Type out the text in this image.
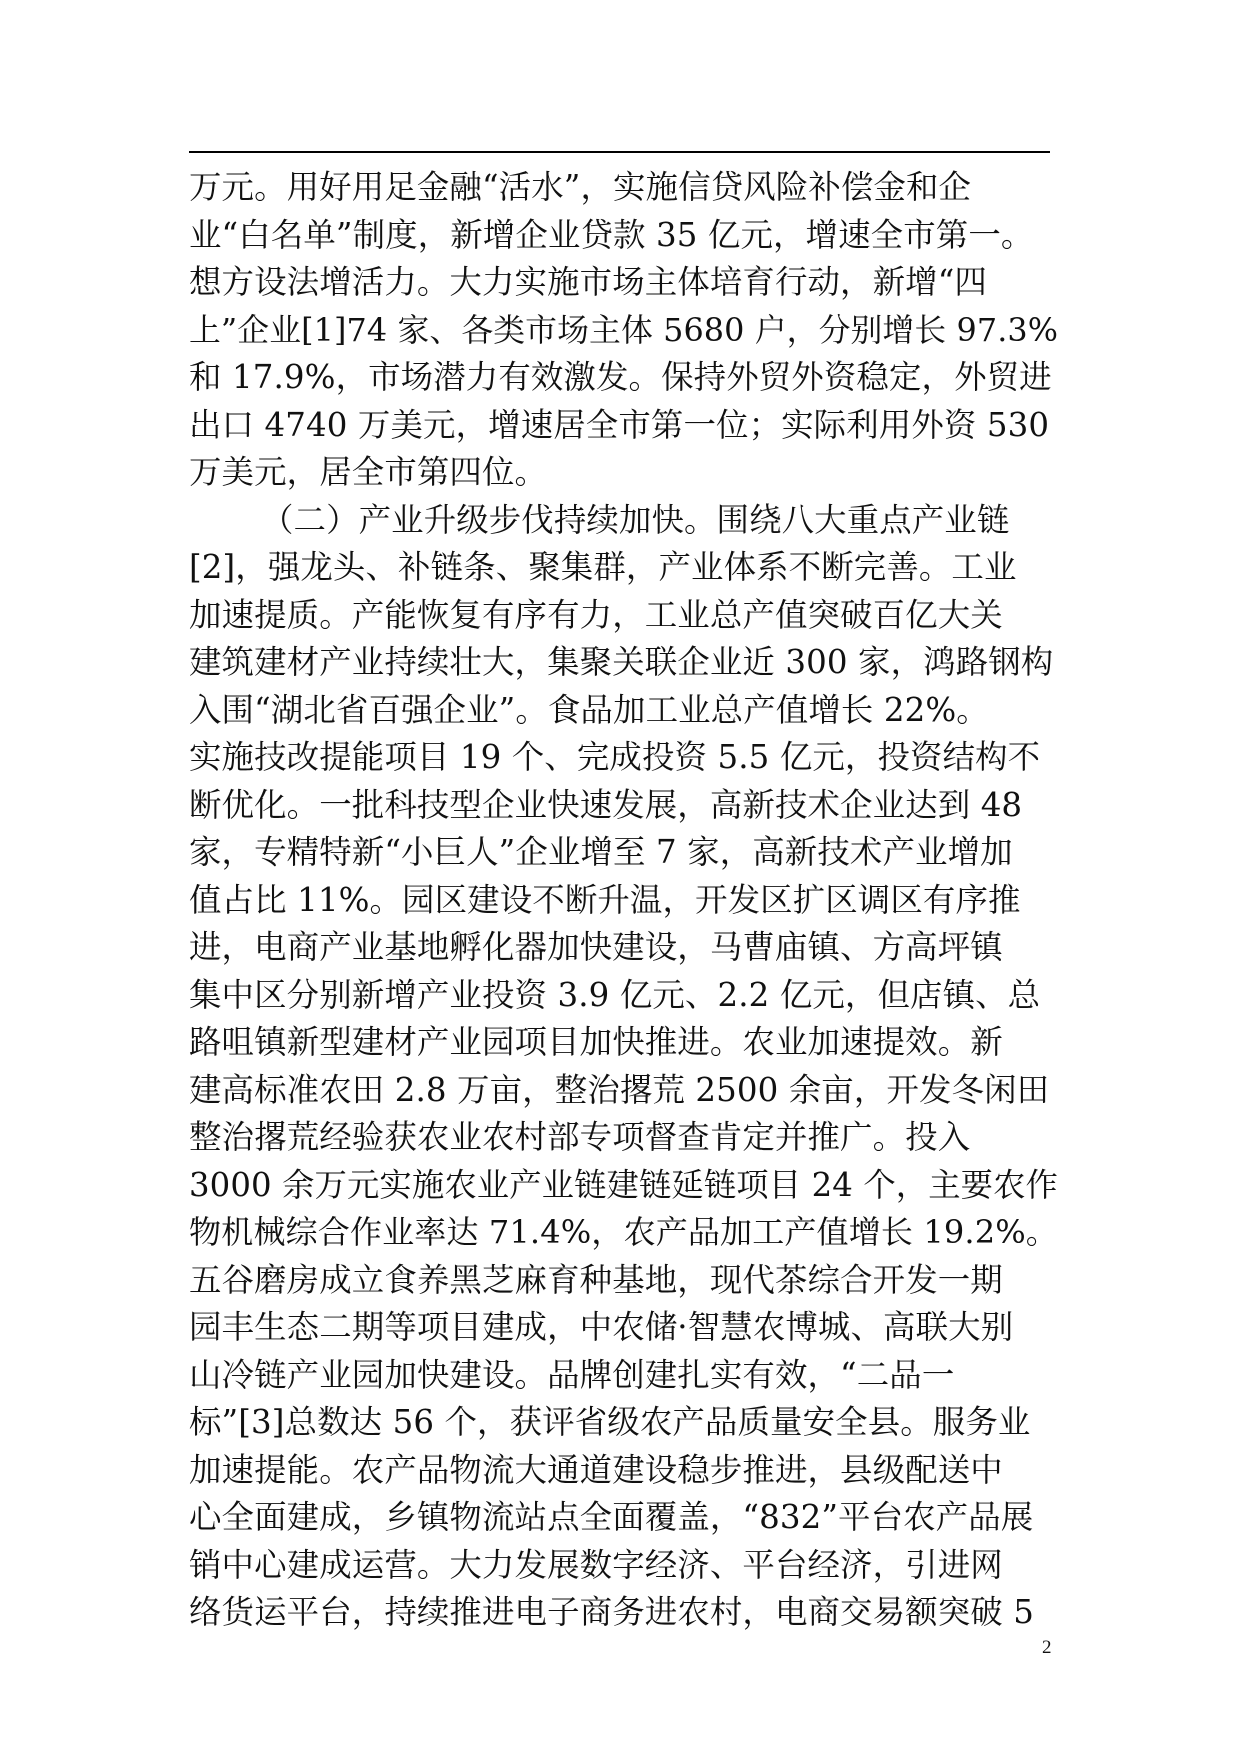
万元。用好用足金融“活水”，实施信贷风险补偿金和企
业“白名单”制度，新增企业贷款 35 亿元，增速全市第一。
想方设法增活力。大力实施市场主体培育行动，新增“四
上”企业[1]74 家、各类市场主体 5680 户，分别增长 97.3%
和 17.9%，市场潜力有效激发。保持外贸外资稳定，外贸进
出口 4740 万美元，增速居全市第一位；实际利用外资 530
万美元，居全市第四位。
（二）产业升级步伐持续加快。围绕八大重点产业链
[2]，强龙头、补链条、聚集群，产业体系不断完善。工业
加速提质。产能恢复有序有力，工业总产值突破百亿大关
建筑建材产业持续壮大，集聚关联企业近 300 家，鸿路钢构
入围“湖北省百强企业”。食品加工业总产值增长 22%。
实施技改提能项目 19 个、完成投资 5.5 亿元，投资结构不
断优化。一批科技型企业快速发展，高新技术企业达到 48
家，专精特新“小巨人”企业增至 7 家，高新技术产业增加
值占比 11%。园区建设不断升温，开发区扩区调区有序推
进，电商产业基地孵化器加快建设，马曹庙镇、方高坪镇
集中区分别新增产业投资 3.9 亿元、2.2 亿元，但店镇、总
路咀镇新型建材产业园项目加快推进。农业加速提效。新
建高标准农田 2.8 万亩，整治撂荒 2500 余亩，开发冬闲田
整治撂荒经验获农业农村部专项督查肯定并推广。投入
3000 余万元实施农业产业链建链延链项目 24 个，主要农作
物机械综合作业率达 71.4%，农产品加工产值增长 19.2%。
五谷磨房成立食养黑芝麻育种基地，现代茶综合开发一期
园丰生态二期等项目建成，中农储·智慧农博城、高联大别
山冷链产业园加快建设。品牌创建扎实有效，“二品一
标”[3]总数达 56 个，获评省级农产品质量安全县。服务业
加速提能。农产品物流大通道建设稳步推进，县级配送中
心全面建成，乡镇物流站点全面覆盖，“832”平台农产品展
销中心建成运营。大力发展数字经济、平台经济，引进网
络货运平台，持续推进电子商务进农村，电商交易额突破 5
2
